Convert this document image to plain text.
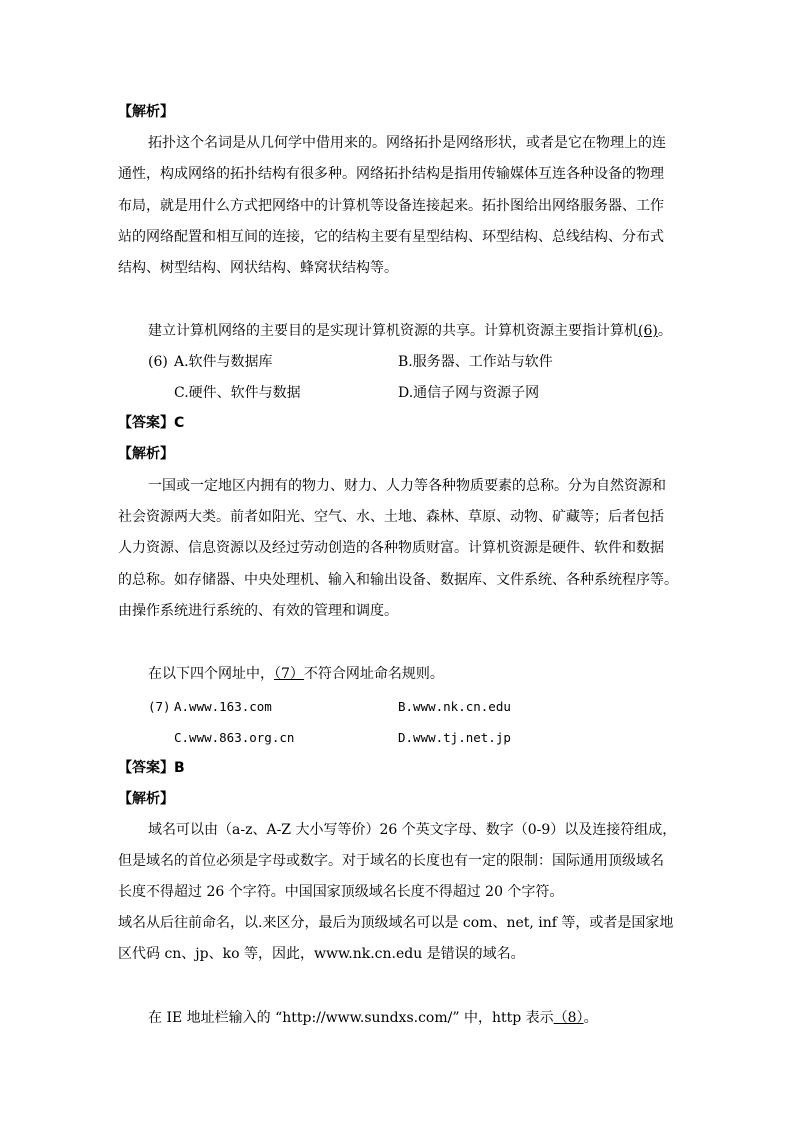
【解析】
拓扑这个名词是从几何学中借用来的。网络拓扑是网络形状，或者是它在物理上的连
通性，构成网络的拓扑结构有很多种。网络拓扑结构是指用传输媒体互连各种设备的物理
布局，就是用什么方式把网络中的计算机等设备连接起来。拓扑图给出网络服务器、工作
站的网络配置和相互间的连接，它的结构主要有星型结构、环型结构、总线结构、分布式
结构、树型结构、网状结构、蜂窝状结构等。
建立计算机网络的主要目的是实现计算机资源的共享。计算机资源主要指计算机(6)。
(6) A.软件与数据库	B.服务器、工作站与软件
C.硬件、软件与数据	D.通信子网与资源子网
【答案】C
【解析】
一国或一定地区内拥有的物力、财力、人力等各种物质要素的总称。分为自然资源和
社会资源两大类。前者如阳光、空气、水、土地、森林、草原、动物、矿藏等；后者包括
人力资源、信息资源以及经过劳动创造的各种物质财富。计算机资源是硬件、软件和数据
的总称。如存储器、中央处理机、输入和输出设备、数据库、文件系统、各种系统程序等。
由操作系统进行系统的、有效的管理和调度。
在以下四个网址中，（7）不符合网址命名规则。
(7) A.www.163.com	B.www.nk.cn.edu
C.www.863.org.cn	D.www.tj.net.jp
【答案】B
【解析】
域名可以由（a-z、A-Z 大小写等价）26 个英文字母、数字（0-9）以及连接符组成，
但是域名的首位必须是字母或数字。对于域名的长度也有一定的限制：国际通用顶级域名
长度不得超过 26 个字符。中国国家顶级域名长度不得超过 20 个字符。
域名从后往前命名，以.来区分，最后为顶级域名可以是 com、net, inf 等，或者是国家地
区代码 cn、jp、ko 等，因此，www.nk.cn.edu 是错误的域名。
在 IE 地址栏输入的 “http://www.sundxs.com/” 中，http 表示（8）。
